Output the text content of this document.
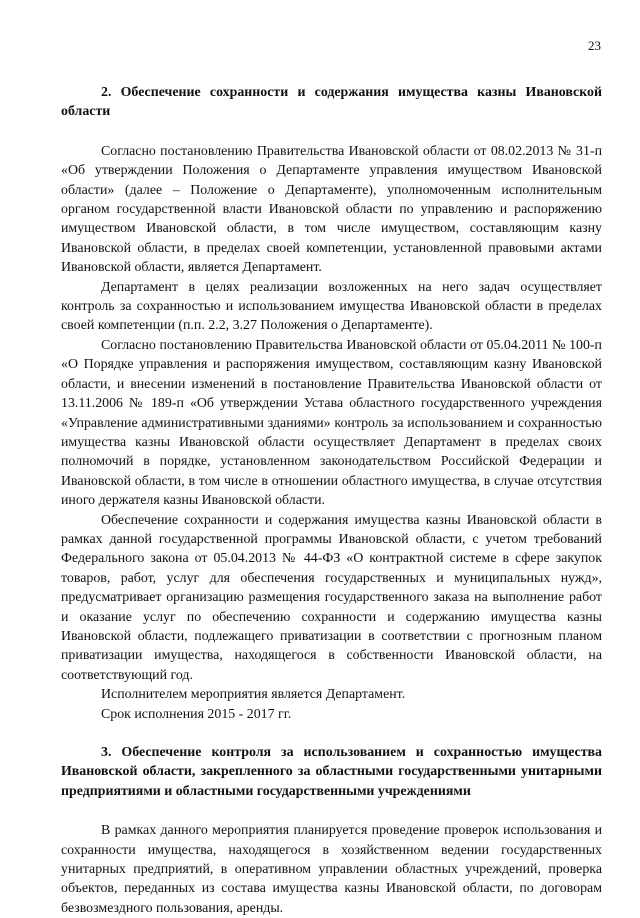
23
2. Обеспечение сохранности и содержания имущества казны Ивановской области

Согласно постановлению Правительства Ивановской области от 08.02.2013 № 31-п «Об утверждении Положения о Департаменте управления имуществом Ивановской области» (далее – Положение о Департаменте), уполномоченным исполнительным органом государственной власти Ивановской области по управлению и распоряжению имуществом Ивановской области, в том числе имуществом, составляющим казну Ивановской области, в пределах своей компетенции, установленной правовыми актами Ивановской области, является Департамент.

Департамент в целях реализации возложенных на него задач осуществляет контроль за сохранностью и использованием имущества Ивановской области в пределах своей компетенции (п.п. 2.2, 3.27 Положения о Департаменте).

Согласно постановлению Правительства Ивановской области от 05.04.2011 № 100-п «О Порядке управления и распоряжения имуществом, составляющим казну Ивановской области, и внесении изменений в постановление Правительства Ивановской области от 13.11.2006 № 189-п «Об утверждении Устава областного государственного учреждения «Управление административными зданиями» контроль за использованием и сохранностью имущества казны Ивановской области осуществляет Департамент в пределах своих полномочий в порядке, установленном законодательством Российской Федерации и Ивановской области, в том числе в отношении областного имущества, в случае отсутствия иного держателя казны Ивановской области.

Обеспечение сохранности и содержания имущества казны Ивановской области в рамках данной государственной программы Ивановской области, с учетом требований Федерального закона от 05.04.2013 № 44-ФЗ «О контрактной системе в сфере закупок товаров, работ, услуг для обеспечения государственных и муниципальных нужд», предусматривает организацию размещения государственного заказа на выполнение работ и оказание услуг по обеспечению сохранности и содержанию имущества казны Ивановской области, подлежащего приватизации в соответствии с прогнозным планом приватизации имущества, находящегося в собственности Ивановской области, на соответствующий год.

Исполнителем мероприятия является Департамент.

Срок исполнения 2015 - 2017 гг.

3. Обеспечение контроля за использованием и сохранностью имущества Ивановской области, закрепленного за областными государственными унитарными предприятиями и областными государственными учреждениями

В рамках данного мероприятия планируется проведение проверок использования и сохранности имущества, находящегося в хозяйственном ведении государственных унитарных предприятий, в оперативном управлении областных учреждений, проверка объектов, переданных из состава имущества казны Ивановской области, по договорам безвозмездного пользования, аренды.
